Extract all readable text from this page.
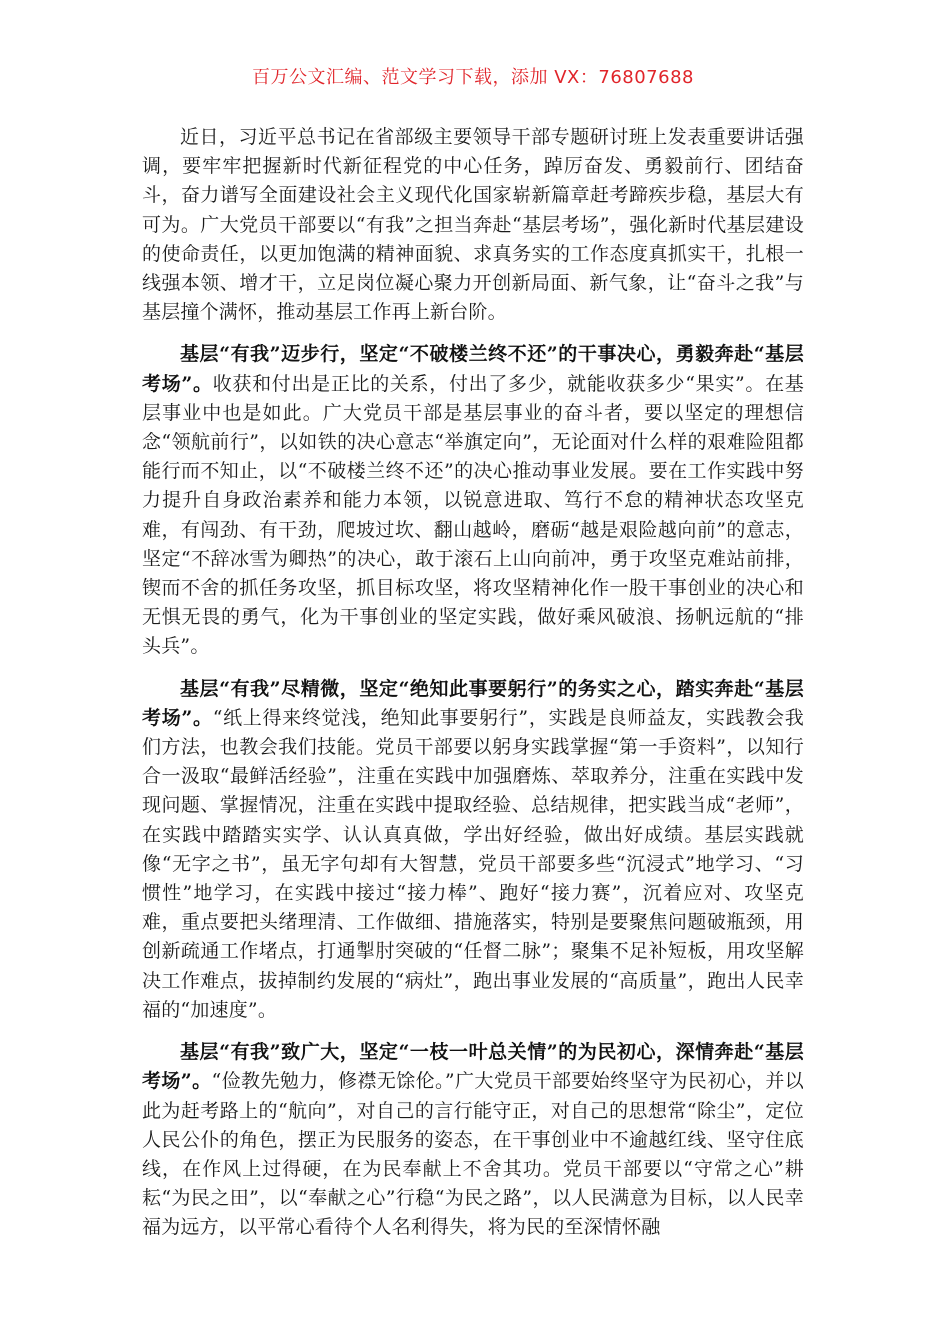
百万公文汇编、范文学习下载，添加 VX：76807688

近日，习近平总书记在省部级主要领导干部专题研讨班上发表重要讲话强调，要牢牢把握新时代新征程党的中心任务，踔厉奋发、勇毅前行、团结奋斗，奋力谱写全面建设社会主义现代化国家崭新篇章赶考蹄疾步稳，基层大有可为。广大党员干部要以“有我”之担当奔赴“基层考场”，强化新时代基层建设的使命责任，以更加饱满的精神面貌、求真务实的工作态度真抓实干，扎根一线强本领、增才干，立足岗位凝心聚力开创新局面、新气象，让“奋斗之我”与基层撞个满怀，推动基层工作再上新台阶。

基层“有我”迈步行，坚定“不破楼兰终不还”的干事决心，勇毅奔赴“基层考场”。收获和付出是正比的关系，付出了多少，就能收获多少“果实”。在基层事业中也是如此。广大党员干部是基层事业的奋斗者，要以坚定的理想信念“领航前行”，以如铁的决心意志“举旗定向”，无论面对什么样的艰难险阻都能行而不知止，以“不破楼兰终不还”的决心推动事业发展。要在工作实践中努力提升自身政治素养和能力本领，以锐意进取、笃行不怠的精神状态攻坚克难，有闯劲、有干劲，爬坡过坎、翻山越岭，磨砺“越是艰险越向前”的意志，坚定“不辞冰雪为卿热”的决心，敢于滚石上山向前冲，勇于攻坚克难站前排，锲而不舍的抓任务攻坚，抓目标攻坚，将攻坚精神化作一股干事创业的决心和无惧无畏的勇气，化为干事创业的坚定实践，做好乘风破浪、扬帆远航的“排头兵”。

基层“有我”尽精微，坚定“绝知此事要躬行”的务实之心，踏实奔赴“基层考场”。“纸上得来终觉浅，绝知此事要躬行”，实践是良师益友，实践教会我们方法，也教会我们技能。党员干部要以躬身实践掌握“第一手资料”，以知行合一汲取“最鲜活经验”，注重在实践中加强磨炼、萃取养分，注重在实践中发现问题、掌握情况，注重在实践中提取经验、总结规律，把实践当成“老师”，在实践中踏踏实实学、认认真真做，学出好经验，做出好成绩。基层实践就像“无字之书”，虽无字句却有大智慧，党员干部要多些“沉浸式”地学习、“习惯性”地学习，在实践中接过“接力棒”、跑好“接力赛”，沉着应对、攻坚克难，重点要把头绪理清、工作做细、措施落实，特别是要聚焦问题破瓶颈，用创新疏通工作堵点，打通掣肘突破的“任督二脉”；聚集不足补短板，用攻坚解决工作难点，拔掉制约发展的“病灶”，跑出事业发展的“高质量”，跑出人民幸福的“加速度”。

基层“有我”致广大，坚定“一枝一叶总关情”的为民初心，深情奔赴“基层考场”。“俭教先勉力，修襟无馀伦。”广大党员干部要始终坚守为民初心，并以此为赶考路上的“航向”，对自己的言行能守正，对自己的思想常“除尘”，定位人民公仆的角色，摆正为民服务的姿态，在干事创业中不逾越红线、坚守住底线，在作风上过得硬，在为民奉献上不舍其功。党员干部要以“守常之心”耕耘“为民之田”，以“奉献之心”行稳“为民之路”，以人民满意为目标，以人民幸福为远方，以平常心看待个人名利得失，将为民的至深情怀融
